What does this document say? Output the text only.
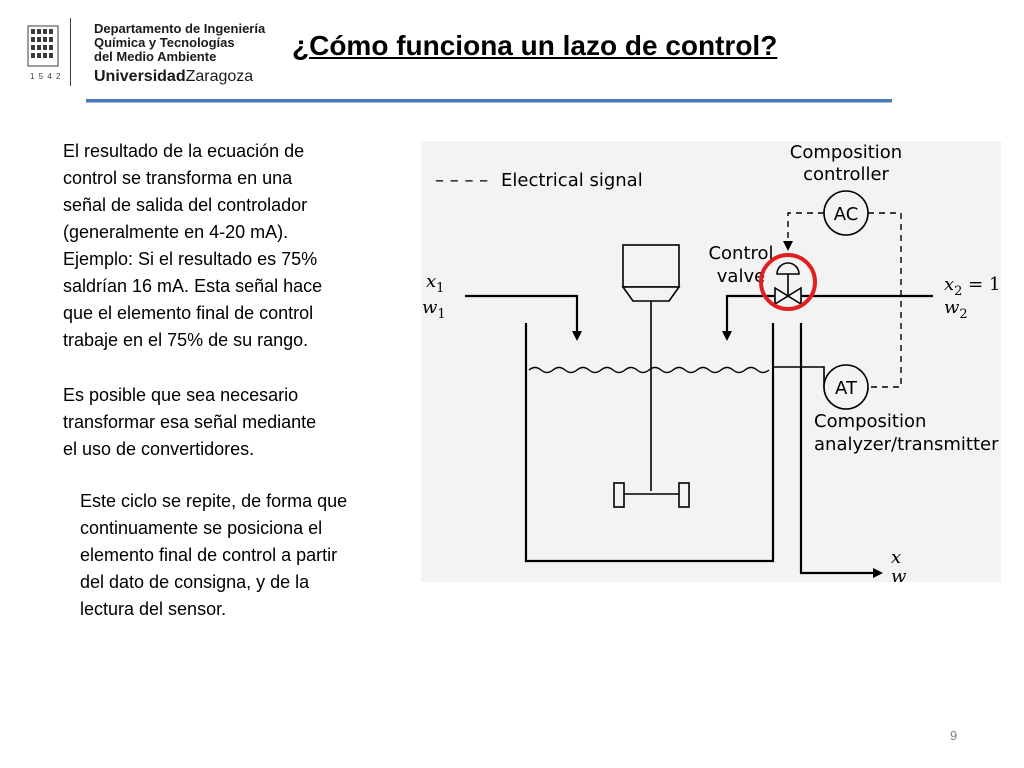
1 5 4 2
Departamento de Ingeniería
Química y Tecnologías
del Medio Ambiente
UniversidadZaragoza
¿Cómo funciona un lazo de control?
El resultado de la ecuación de
control se transforma en una
señal de salida del controlador
(generalmente en 4-20 mA).
Ejemplo: Si el resultado es 75%
saldrían 16 mA. Esta señal hace
que el elemento final de control
trabaje en el 75% de su rango.
Es posible que sea necesario
transformar esa señal mediante
el uso de convertidores.
Este ciclo se repite, de forma que
continuamente se posiciona el
elemento final de control a partir
del dato de consigna, y de la
lectura del sensor.
– – – – Electrical signal
Composition
controller
AC
Control
valve
$x_1$
$w_1$
$x_2 = 1$
$w_2$
x
w
AT
Composition
analyzer/transmitter
9
